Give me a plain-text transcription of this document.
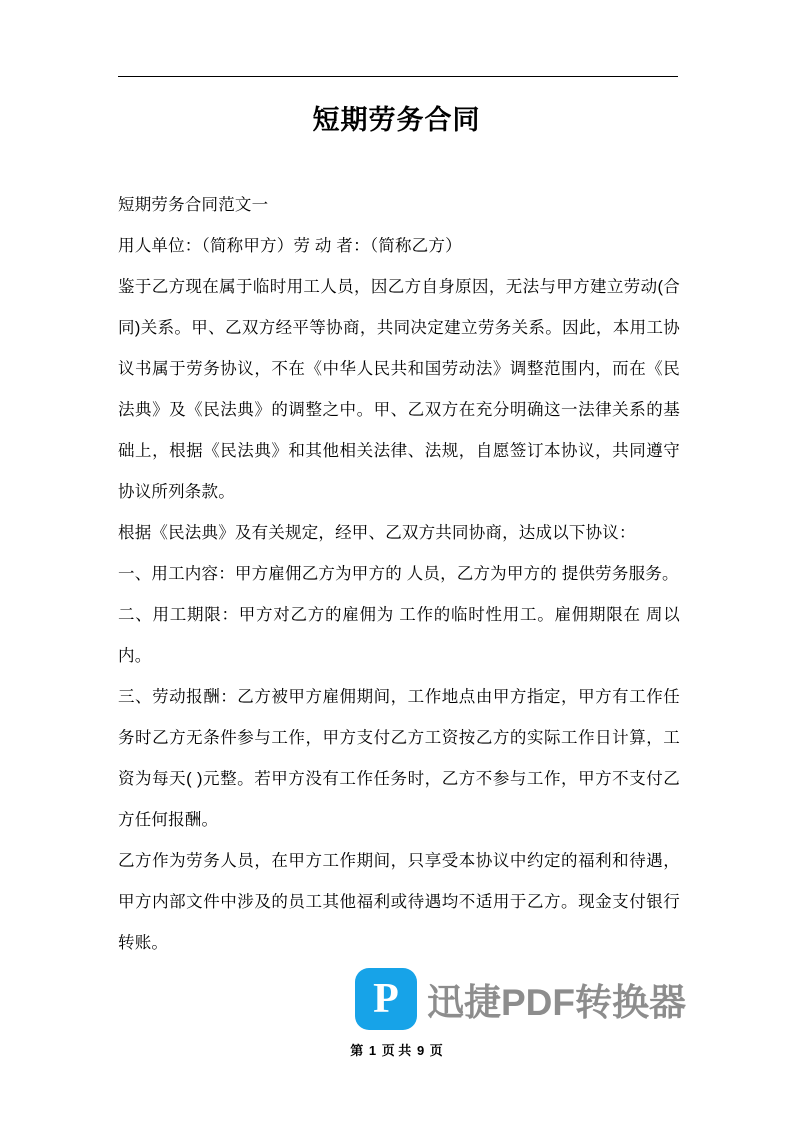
短期劳务合同

短期劳务合同范文一

用人单位：（简称甲方）劳 动 者：（简称乙方）

鉴于乙方现在属于临时用工人员，因乙方自身原因，无法与甲方建立劳动(合同)关系。甲、乙双方经平等协商，共同决定建立劳务关系。因此，本用工协议书属于劳务协议，不在《中华人民共和国劳动法》调整范围内，而在《民法典》及《民法典》的调整之中。甲、乙双方在充分明确这一法律关系的基础上，根据《民法典》和其他相关法律、法规，自愿签订本协议，共同遵守协议所列条款。

根据《民法典》及有关规定，经甲、乙双方共同协商，达成以下协议：

一、用工内容：甲方雇佣乙方为甲方的 人员，乙方为甲方的 提供劳务服务。

二、用工期限：甲方对乙方的雇佣为 工作的临时性用工。雇佣期限在 周以内。

三、劳动报酬：乙方被甲方雇佣期间，工作地点由甲方指定，甲方有工作任务时乙方无条件参与工作，甲方支付乙方工资按乙方的实际工作日计算，工资为每天( )元整。若甲方没有工作任务时，乙方不参与工作，甲方不支付乙方任何报酬。

乙方作为劳务人员，在甲方工作期间，只享受本协议中约定的福利和待遇，甲方内部文件中涉及的员工其他福利或待遇均不适用于乙方。现金支付银行转账。

P
迅捷PDF转换器
第 1 页 共 9 页
